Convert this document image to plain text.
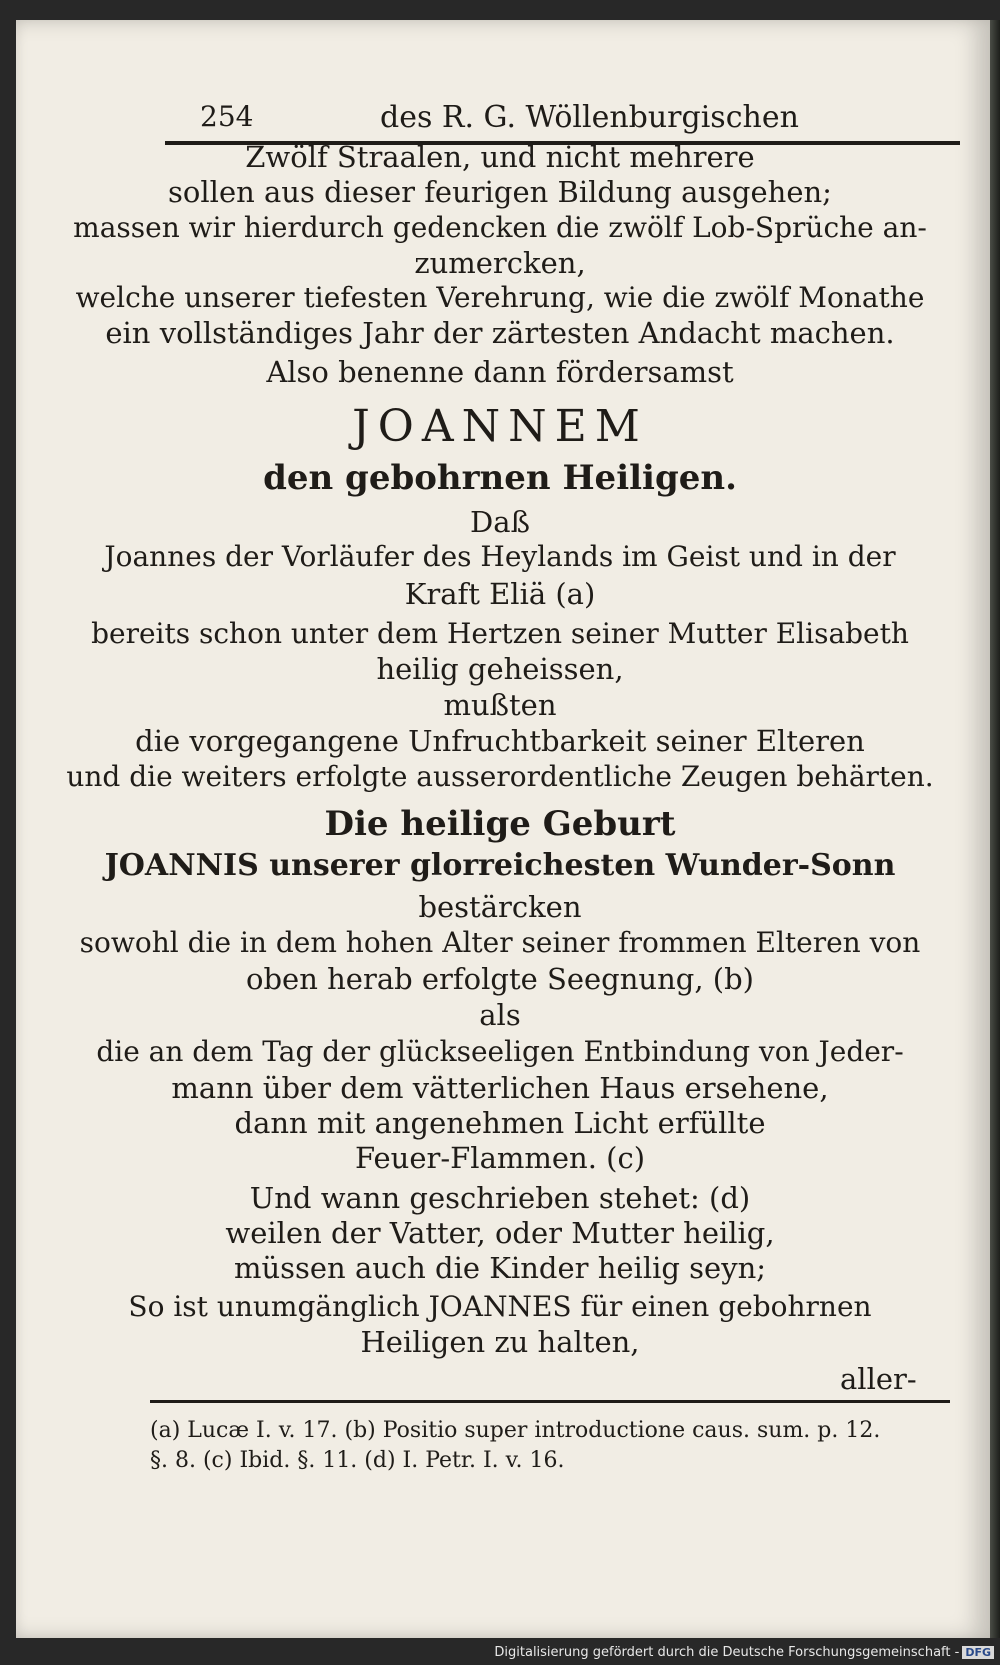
254	des R. G. Wöllenburgischen
Zwölf Straalen, und nicht mehrere
sollen aus dieser feurigen Bildung ausgehen;
massen wir hierdurch gedencken die zwölf Lob-Sprüche an-
zumercken,
welche unserer tiefesten Verehrung, wie die zwölf Monathe
ein vollständiges Jahr der zärtesten Andacht machen.
Also benenne dann fördersamst
JOANNEM
den gebohrnen Heiligen.
Daß
Joannes der Vorläufer des Heylands im Geist und in der
Kraft Eliä (a)
bereits schon unter dem Hertzen seiner Mutter Elisabeth
heilig geheissen,
mußten
die vorgegangene Unfruchtbarkeit seiner Elteren
und die weiters erfolgte ausserordentliche Zeugen behärten.
Die heilige Geburt
JOANNIS unserer glorreichesten Wunder-Sonn
bestärcken
sowohl die in dem hohen Alter seiner frommen Elteren von
oben herab erfolgte Seegnung, (b)
als
die an dem Tag der glückseeligen Entbindung von Jeder-
mann über dem vätterlichen Haus ersehene,
dann mit angenehmen Licht erfüllte
Feuer-Flammen. (c)
Und wann geschrieben stehet: (d)
weilen der Vatter, oder Mutter heilig,
müssen auch die Kinder heilig seyn;
So ist unumgänglich JOANNES für einen gebohrnen
Heiligen zu halten,
aller-
(a) Lucæ I. v. 17. (b) Positio super introductione caus. sum. p. 12.
§. 8. (c) Ibid. §. 11. (d) I. Petr. I. v. 16.
Digitalisierung gefördert durch die Deutsche Forschungsgemeinschaft - DFG
